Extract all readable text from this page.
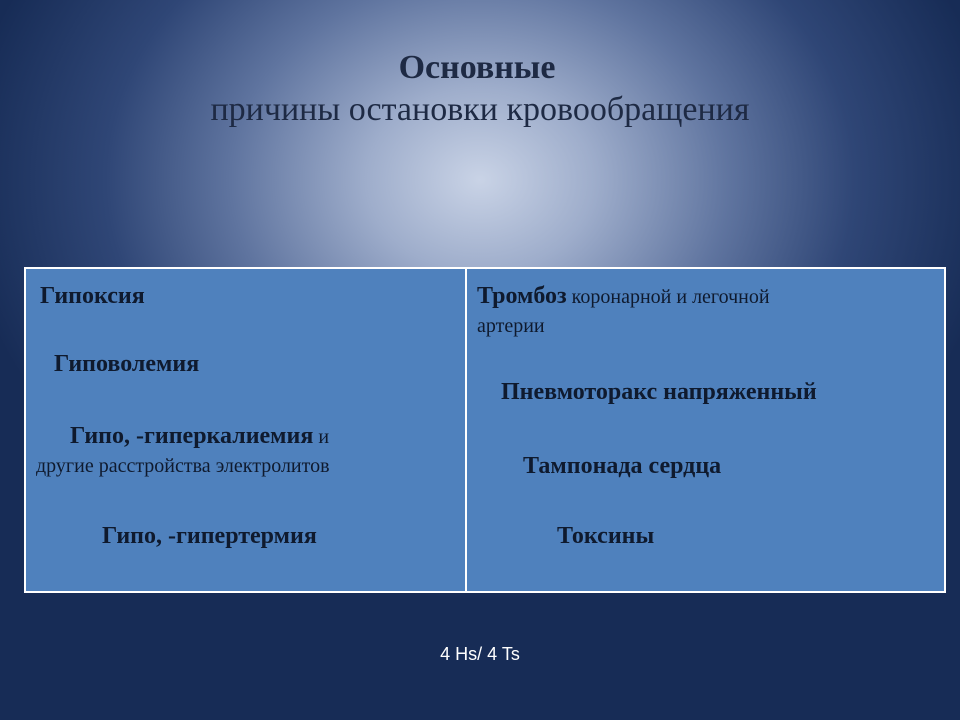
Основные
причины остановки кровообращения
Гипоксия
Гиповолемия
Гипо, -гиперкалиемия и
другие расстройства электролитов
Гипо, -гипертермия
Тромбоз коронарной и легочной
артерии
Пневмоторакс напряженный
Тампонада сердца
Токсины
4 Hs/ 4 Ts
